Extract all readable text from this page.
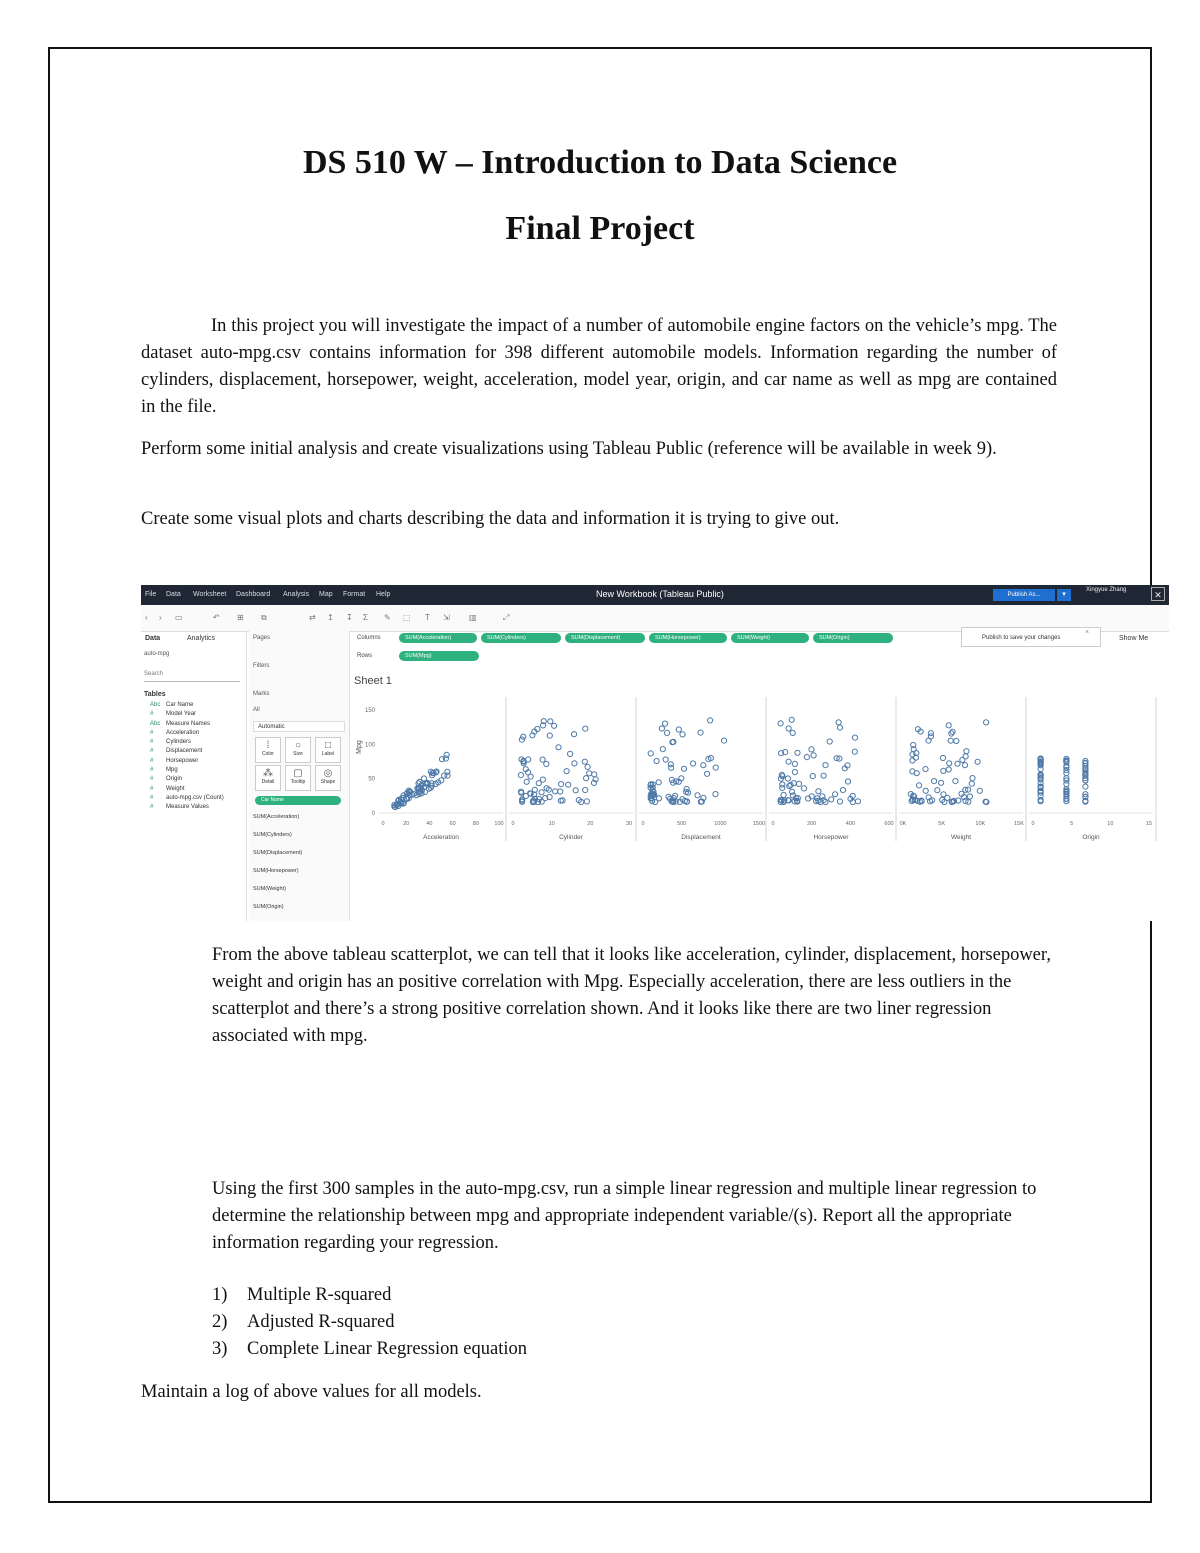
DS 510 W – Introduction to Data Science
Final Project

In this project you will investigate the impact of a number of automobile engine factors on the vehicle’s mpg. The dataset auto-mpg.csv contains information for 398 different automobile models. Information regarding the number of cylinders, displacement, horsepower, weight, acceleration, model year, origin, and car name as well as mpg are contained in the file.

Perform some initial analysis and create visualizations using Tableau Public (reference will be available in week 9).

Create some visual plots and charts describing the data and information it is trying to give out.

File Data Worksheet Dashboard Analysis Map Format Help	New Workbook (Tableau Public)	Publish As...	▾
Xingyue Zhang	✕
‹ › ▭	↶ ⊞ ⧉	⇄ ↥ ↧ Σ ✎ ⬚ T ⇲ ▥	⤢
Publish to save your changes
×
Show Me
Data	Analytics
auto-mpg
Search
Tables
Abc Car Name
# Model Year
Abc Measure Names
# Acceleration
# Cylinders
# Displacement
# Horsepower
# Mpg
# Origin
# Weight
# auto-mpg.csv (Count)
# Measure Values
Pages
Filters
Marks
All
Automatic
⁞
Color
○
Size
□
Label
⁂
Detail
▢
Tooltip
◎
Shape
Car Name
SUM(Acceleration)
SUM(Cylinders)
SUM(Displacement)
SUM(Horsepower)
SUM(Weight)
SUM(Origin)
Columns	SUM(Acceleration)	SUM(Cylinders)	SUM(Displacement)	SUM(Horsepower)	SUM(Weight)	SUM(Origin)
Rows	SUM(Mpg)
Sheet 1
0
50
100
150
0	20	40	60	80	100
Acceleration
0	10	20	30
Cylinder
0	500	1000	1500
Displacement
0	200	400	600
Horsepower
0K	5K	10K	15K
Weight
0	5	10	15
Origin
Mpg

From the above tableau scatterplot, we can tell that it looks like acceleration, cylinder, displacement, horsepower, weight and origin has an positive correlation with Mpg. Especially acceleration, there are less outliers in the scatterplot and there’s a strong positive correlation shown. And it looks like there are two liner regression associated with mpg.

Using the first 300 samples in the auto-mpg.csv, run a simple linear regression and multiple linear regression to determine the relationship between mpg and appropriate independent variable/(s). Report all the appropriate information regarding your regression.

1) Multiple R-squared
2) Adjusted R-squared
3) Complete Linear Regression equation

Maintain a log of above values for all models.
